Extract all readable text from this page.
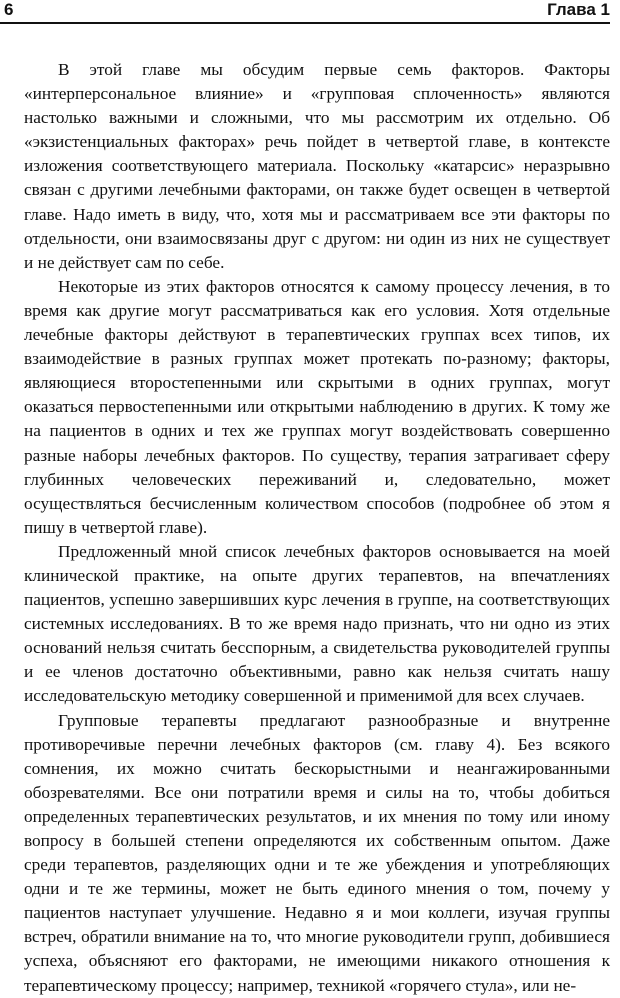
6	Глава 1

В этой главе мы обсудим первые семь факторов. Факторы «интерперсональное влияние» и «групповая сплоченность» являются настолько важными и сложными, что мы рассмотрим их отдельно. Об «экзистенциальных факторах» речь пойдет в четвертой главе, в контексте изложения соответствующего материала. Поскольку «катарсис» неразрывно связан с другими лечебными факторами, он также будет освещен в четвертой главе. Надо иметь в виду, что, хотя мы и рассматриваем все эти факторы по отдельности, они взаимосвязаны друг с другом: ни один из них не существует и не действует сам по себе.

Некоторые из этих факторов относятся к самому процессу лечения, в то время как другие могут рассматриваться как его условия. Хотя отдельные лечебные факторы действуют в терапевтических группах всех типов, их взаимодействие в разных группах может протекать по-разному; факторы, являющиеся второстепенными или скрытыми в одних группах, могут оказаться первостепенными или открытыми наблюдению в других. К тому же на пациентов в одних и тех же группах могут воздействовать совершенно разные наборы лечебных факторов. По существу, терапия затрагивает сферу глубинных человеческих переживаний и, следовательно, может осуществляться бесчисленным количеством способов (подробнее об этом я пишу в четвертой главе).

Предложенный мной список лечебных факторов основывается на моей клинической практике, на опыте других терапевтов, на впечатлениях пациентов, успешно завершивших курс лечения в группе, на соответствующих системных исследованиях. В то же время надо признать, что ни одно из этих оснований нельзя считать бесспорным, а свидетельства руководителей группы и ее членов достаточно объективными, равно как нельзя считать нашу исследовательскую методику совершенной и применимой для всех случаев.

Групповые терапевты предлагают разнообразные и внутренне противоречивые перечни лечебных факторов (см. главу 4). Без всякого сомнения, их можно считать бескорыстными и неангажированными обозревателями. Все они потратили время и силы на то, чтобы добиться определенных терапевтических результатов, и их мнения по тому или иному вопросу в большей степени определяются их собственным опытом. Даже среди терапевтов, разделяющих одни и те же убеждения и употребляющих одни и те же термины, может не быть единого мнения о том, почему у пациентов наступает улучшение. Недавно я и мои коллеги, изучая группы встреч, обратили внимание на то, что многие руководители групп, добившиеся успеха, объясняют его факторами, не имеющими никакого отношения к терапевтическому процессу; например, техникой «горячего стула», или не-
